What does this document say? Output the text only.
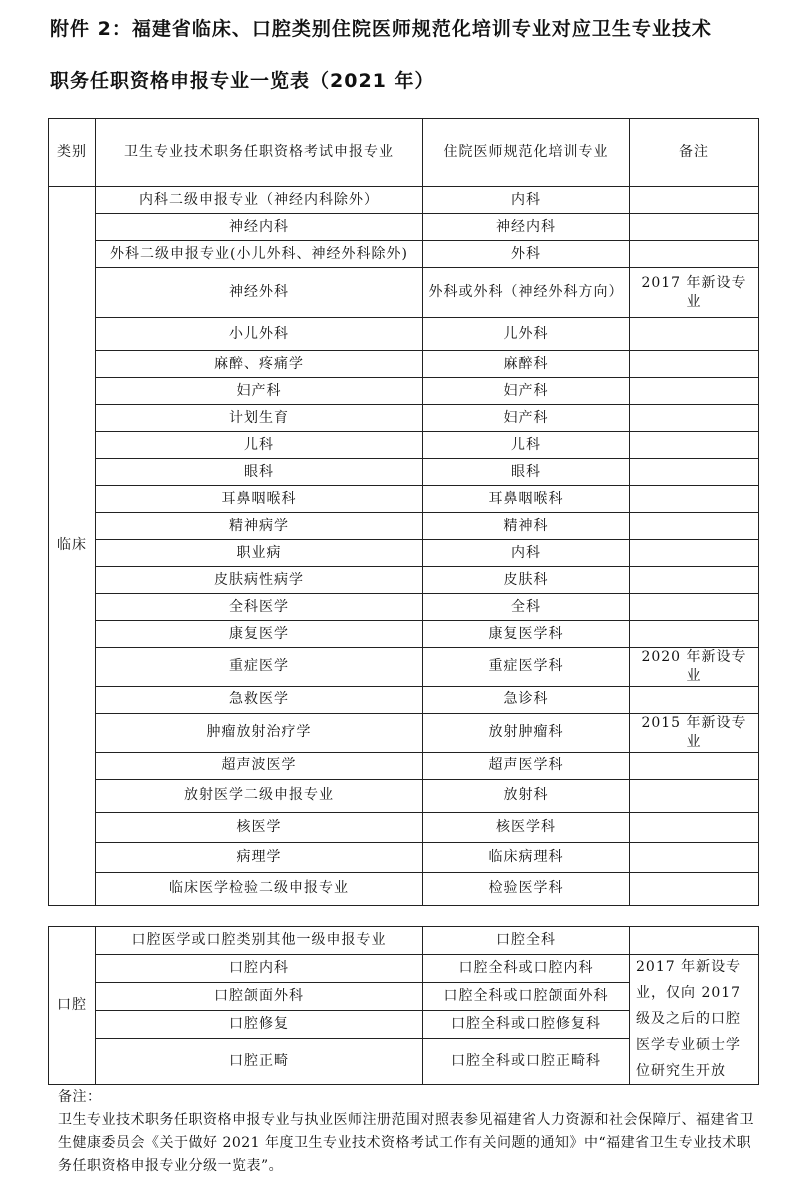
附件 2：福建省临床、口腔类别住院医师规范化培训专业对应卫生专业技术
职务任职资格申报专业一览表（2021 年）
类别	卫生专业技术职务任职资格考试申报专业	住院医师规范化培训专业	备注
临床	内科二级申报专业（神经内科除外）	内科	
	神经内科	神经内科	
	外科二级申报专业(小儿外科、神经外科除外)	外科	
	神经外科	外科或外科（神经外科方向）	2017 年新设专业
	小儿外科	儿外科	
	麻醉、疼痛学	麻醉科	
	妇产科	妇产科	
	计划生育	妇产科	
	儿科	儿科	
	眼科	眼科	
	耳鼻咽喉科	耳鼻咽喉科	
	精神病学	精神科	
	职业病	内科	
	皮肤病性病学	皮肤科	
	全科医学	全科	
	康复医学	康复医学科	
	重症医学	重症医学科	2020 年新设专业
	急救医学	急诊科	
	肿瘤放射治疗学	放射肿瘤科	2015 年新设专业
	超声波医学	超声医学科	
	放射医学二级申报专业	放射科	
	核医学	核医学科	
	病理学	临床病理科	
	临床医学检验二级申报专业	检验医学科	
口腔	口腔医学或口腔类别其他一级申报专业	口腔全科	
	口腔内科	口腔全科或口腔内科	2017 年新设专业，仅向 2017 级及之后的口腔医学专业硕士学位研究生开放
	口腔颌面外科	口腔全科或口腔颌面外科	
	口腔修复	口腔全科或口腔修复科	
	口腔正畸	口腔全科或口腔正畸科	

备注：

卫生专业技术职务任职资格申报专业与执业医师注册范围对照表参见福建省人力资源和社会保障厅、福建省卫生健康委员会《关于做好 2021 年度卫生专业技术资格考试工作有关问题的通知》中“福建省卫生专业技术职务任职资格申报专业分级一览表”。
